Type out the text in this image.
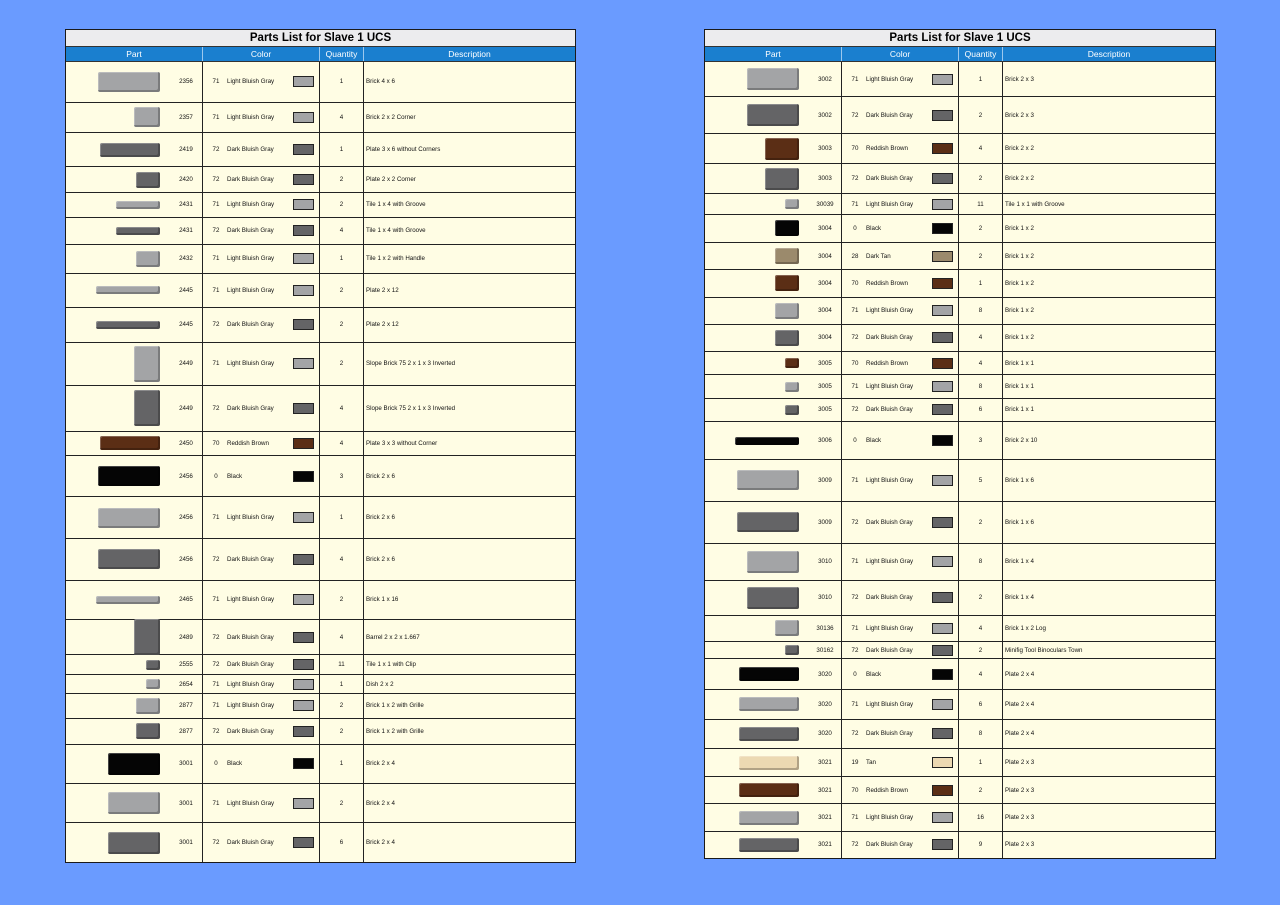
Parts List for Slave 1 UCS
Part	Color	Quantity	Description
2356	71	Light Bluish Gray	1	Brick 4 x 6
2357	71	Light Bluish Gray	4	Brick 2 x 2 Corner
2419	72	Dark Bluish Gray	1	Plate 3 x 6 without Corners
2420	72	Dark Bluish Gray	2	Plate 2 x 2 Corner
2431	71	Light Bluish Gray	2	Tile 1 x 4 with Groove
2431	72	Dark Bluish Gray	4	Tile 1 x 4 with Groove
2432	71	Light Bluish Gray	1	Tile 1 x 2 with Handle
2445	71	Light Bluish Gray	2	Plate 2 x 12
2445	72	Dark Bluish Gray	2	Plate 2 x 12
2449	71	Light Bluish Gray	2	Slope Brick 75 2 x 1 x 3 Inverted
2449	72	Dark Bluish Gray	4	Slope Brick 75 2 x 1 x 3 Inverted
2450	70	Reddish Brown	4	Plate 3 x 3 without Corner
2456	0	Black	3	Brick 2 x 6
2456	71	Light Bluish Gray	1	Brick 2 x 6
2456	72	Dark Bluish Gray	4	Brick 2 x 6
2465	71	Light Bluish Gray	2	Brick 1 x 16
2489	72	Dark Bluish Gray	4	Barrel 2 x 2 x 1.667
2555	72	Dark Bluish Gray	11	Tile 1 x 1 with Clip
2654	71	Light Bluish Gray	1	Dish 2 x 2
2877	71	Light Bluish Gray	2	Brick 1 x 2 with Grille
2877	72	Dark Bluish Gray	2	Brick 1 x 2 with Grille
3001	0	Black	1	Brick 2 x 4
3001	71	Light Bluish Gray	2	Brick 2 x 4
3001	72	Dark Bluish Gray	6	Brick 2 x 4
Parts List for Slave 1 UCS
Part	Color	Quantity	Description
3002	71	Light Bluish Gray	1	Brick 2 x 3
3002	72	Dark Bluish Gray	2	Brick 2 x 3
3003	70	Reddish Brown	4	Brick 2 x 2
3003	72	Dark Bluish Gray	2	Brick 2 x 2
30039	71	Light Bluish Gray	11	Tile 1 x 1 with Groove
3004	0	Black	2	Brick 1 x 2
3004	28	Dark Tan	2	Brick 1 x 2
3004	70	Reddish Brown	1	Brick 1 x 2
3004	71	Light Bluish Gray	8	Brick 1 x 2
3004	72	Dark Bluish Gray	4	Brick 1 x 2
3005	70	Reddish Brown	4	Brick 1 x 1
3005	71	Light Bluish Gray	8	Brick 1 x 1
3005	72	Dark Bluish Gray	6	Brick 1 x 1
3006	0	Black	3	Brick 2 x 10
3009	71	Light Bluish Gray	5	Brick 1 x 6
3009	72	Dark Bluish Gray	2	Brick 1 x 6
3010	71	Light Bluish Gray	8	Brick 1 x 4
3010	72	Dark Bluish Gray	2	Brick 1 x 4
30136	71	Light Bluish Gray	4	Brick 1 x 2 Log
30162	72	Dark Bluish Gray	2	Minifig Tool Binoculars Town
3020	0	Black	4	Plate 2 x 4
3020	71	Light Bluish Gray	6	Plate 2 x 4
3020	72	Dark Bluish Gray	8	Plate 2 x 4
3021	19	Tan	1	Plate 2 x 3
3021	70	Reddish Brown	2	Plate 2 x 3
3021	71	Light Bluish Gray	16	Plate 2 x 3
3021	72	Dark Bluish Gray	9	Plate 2 x 3
